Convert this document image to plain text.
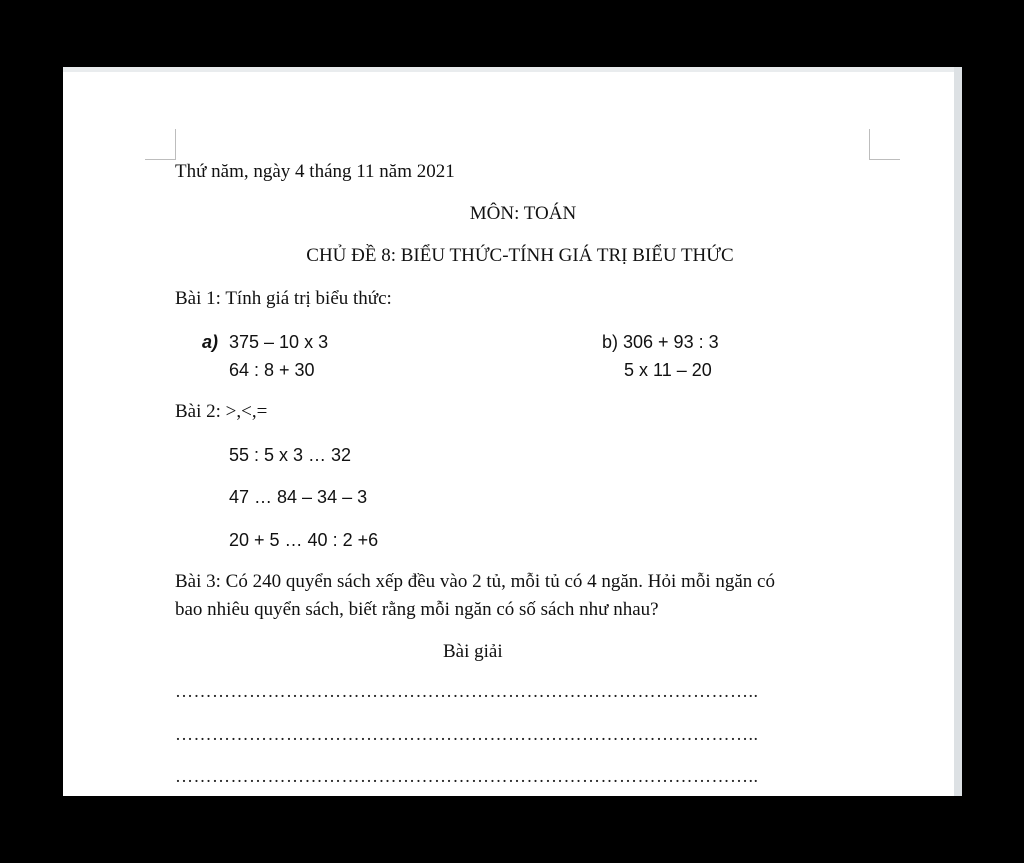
Thứ năm, ngày 4 tháng 11 năm 2021
MÔN: TOÁN
CHỦ ĐỀ 8: BIỂU THỨC-TÍNH GIÁ TRỊ BIỂU THỨC
Bài 1: Tính giá trị biểu thức:
a) 375 – 10 x 3
64 : 8 + 30
b) 306 + 93 : 3
5 x 11 – 20
Bài 2: >,<,=
55 : 5 x 3 … 32
47 … 84 – 34 – 3
20 + 5 … 40 : 2 +6
Bài 3: Có 240 quyển sách xếp đều vào 2 tủ, mỗi tủ có 4 ngăn. Hỏi mỗi ngăn có
bao nhiêu quyển sách, biết rằng mỗi ngăn có số sách như nhau?
Bài giải
…………………………………………………………………………………..
…………………………………………………………………………………..
…………………………………………………………………………………..
